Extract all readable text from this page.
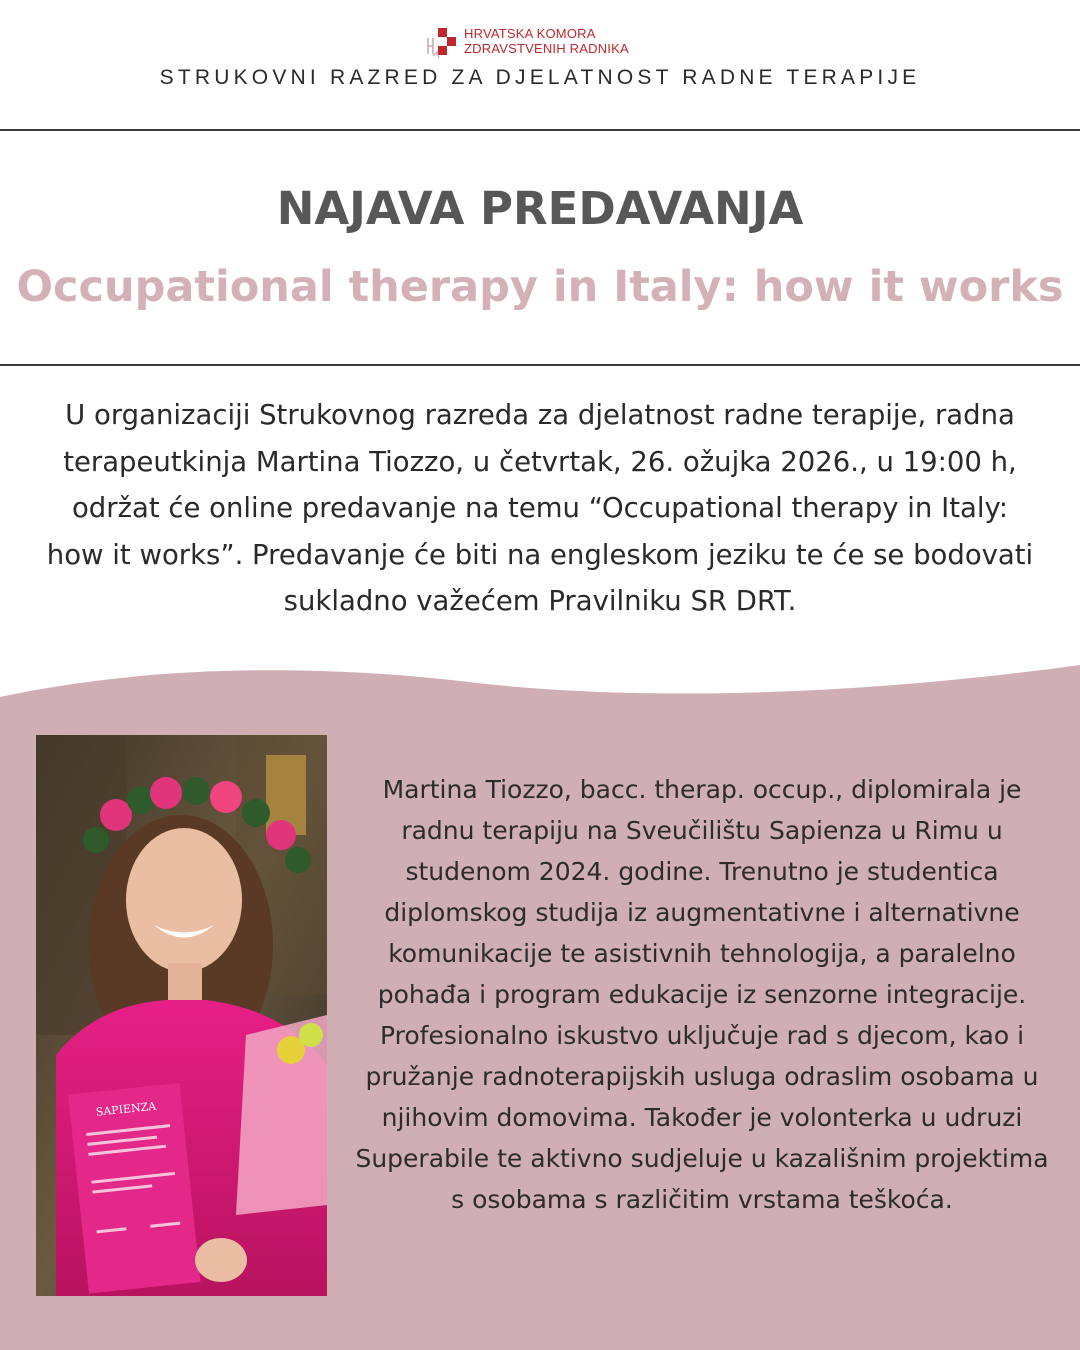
HRVATSKA KOMORA
ZDRAVSTVENIH RADNIKA
STRUKOVNI RAZRED ZA DJELATNOST RADNE TERAPIJE
NAJAVA PREDAVANJA
Occupational therapy in Italy: how it works
U organizaciji Strukovnog razreda za djelatnost radne terapije, radna terapeutkinja Martina Tiozzo, u četvrtak, 26. ožujka 2026., u 19:00 h, održat će online predavanje na temu “Occupational therapy in Italy: how it works”. Predavanje će biti na engleskom jeziku te će se bodovati sukladno važećem Pravilniku SR DRT.
SAPIENZA
Martina Tiozzo, bacc. therap. occup., diplomirala je radnu terapiju na Sveučilištu Sapienza u Rimu u studenom 2024. godine. Trenutno je studentica diplomskog studija iz augmentativne i alternativne komunikacije te asistivnih tehnologija, a paralelno pohađa i program edukacije iz senzorne integracije. Profesionalno iskustvo uključuje rad s djecom, kao i pružanje radnoterapijskih usluga odraslim osobama u njihovim domovima. Također je volonterka u udruzi Superabile te aktivno sudjeluje u kazališnim projektima s osobama s različitim vrstama teškoća.
